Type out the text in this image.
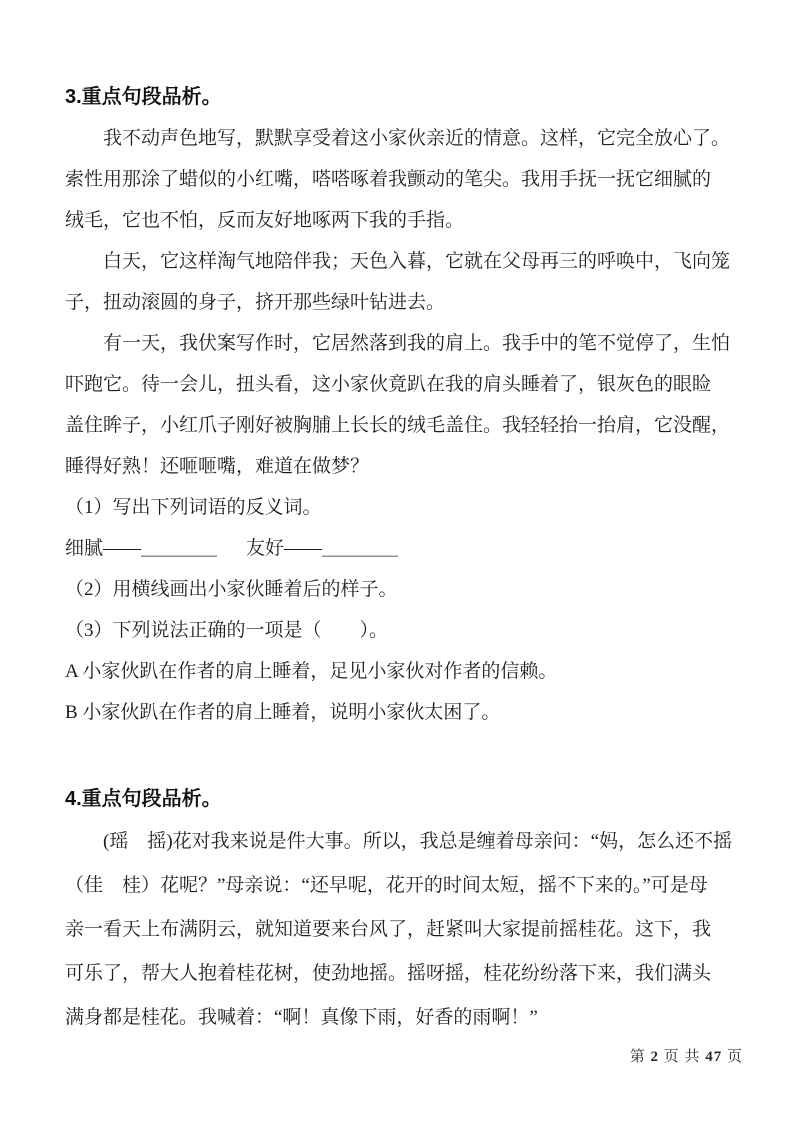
3.重点句段品析。
我不动声色地写，默默享受着这小家伙亲近的情意。这样，它完全放心了。
索性用那涂了蜡似的小红嘴，嗒嗒啄着我颤动的笔尖。我用手抚一抚它细腻的
绒毛，它也不怕，反而友好地啄两下我的手指。
白天，它这样淘气地陪伴我；天色入暮，它就在父母再三的呼唤中，飞向笼
子，扭动滚圆的身子，挤开那些绿叶钻进去。
有一天，我伏案写作时，它居然落到我的肩上。我手中的笔不觉停了，生怕
吓跑它。待一会儿，扭头看，这小家伙竟趴在我的肩头睡着了，银灰色的眼睑
盖住眸子，小红爪子刚好被胸脯上长长的绒毛盖住。我轻轻抬一抬肩，它没醒，
睡得好熟！还咂咂嘴，难道在做梦？
（1）写出下列词语的反义词。
细腻——＿＿＿＿ 友好——＿＿＿＿
（2）用横线画出小家伙睡着后的样子。
（3）下列说法正确的一项是（　　）。
A 小家伙趴在作者的肩上睡着，足见小家伙对作者的信赖。
B 小家伙趴在作者的肩上睡着，说明小家伙太困了。
4.重点句段品析。
(瑶　摇)花对我来说是件大事。所以，我总是缠着母亲问：“妈，怎么还不摇
（佳　桂）花呢？”母亲说：“还早呢，花开的时间太短，摇不下来的。”可是母
亲一看天上布满阴云，就知道要来台风了，赶紧叫大家提前摇桂花。这下，我
可乐了，帮大人抱着桂花树，使劲地摇。摇呀摇，桂花纷纷落下来，我们满头
满身都是桂花。我喊着：“啊！真像下雨，好香的雨啊！”
第 2 页 共 47 页
